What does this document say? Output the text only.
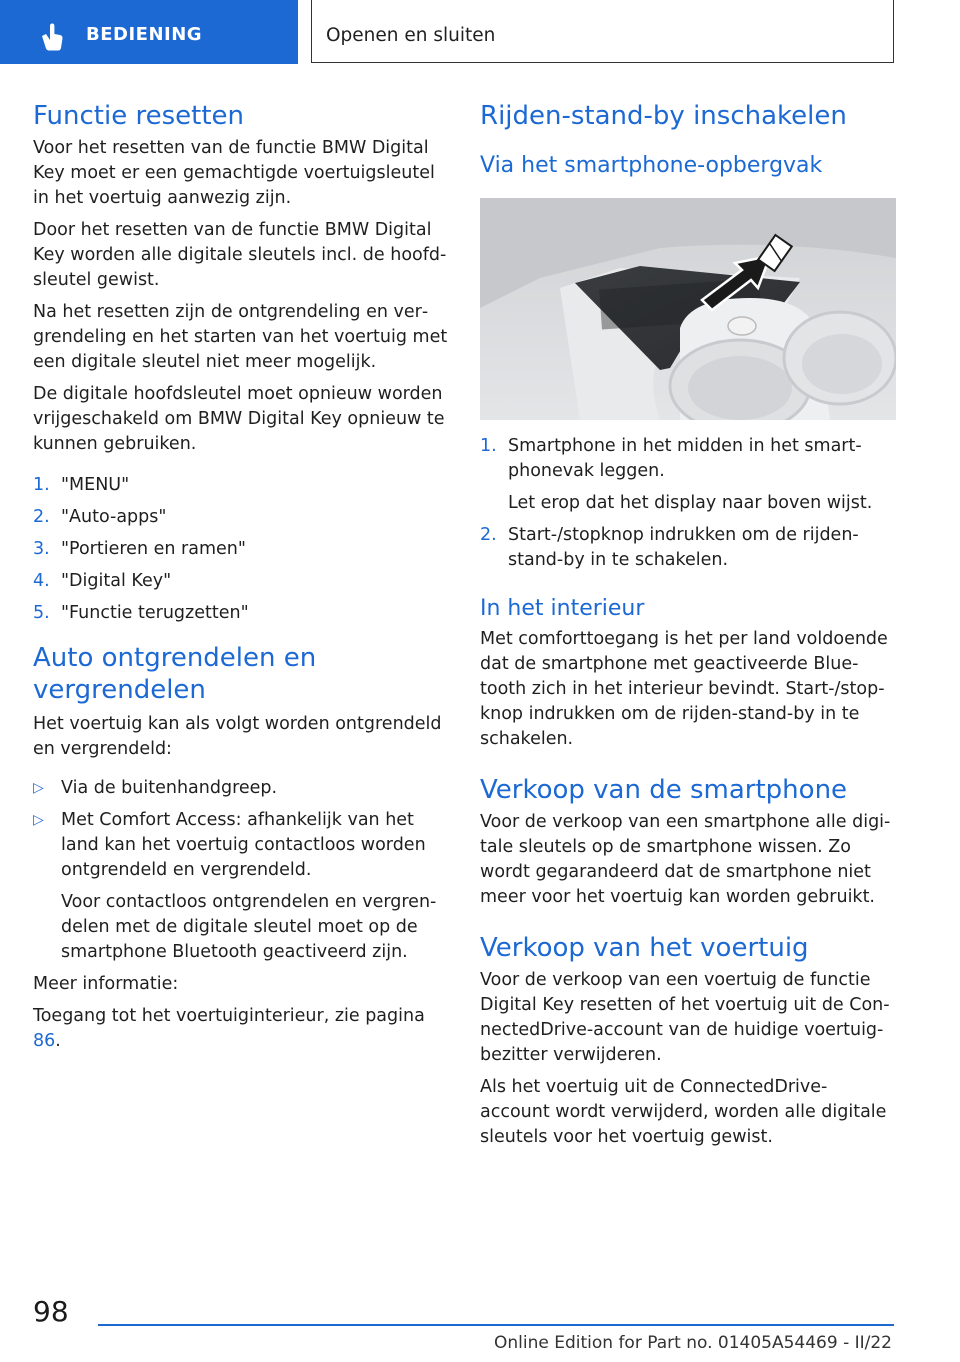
BEDIENING	Openen en sluiten
Functie resetten

Voor het resetten van de functie BMW Digital Key moet er een gemachtigde voertuigsleutel in het voertuig aanwezig zijn.

Door het resetten van de functie BMW Digital Key worden alle digitale sleutels incl. de hoofdsleutel gewist.

Na het resetten zijn de ontgrendeling en vergrendeling en het starten van het voertuig met een digitale sleutel niet meer mogelijk.

De digitale hoofdsleutel moet opnieuw worden vrijgeschakeld om BMW Digital Key opnieuw te kunnen gebruiken.

1. "MENU"
2. "Auto-apps"
3. "Portieren en ramen"
4. "Digital Key"
5. "Functie terugzetten"
Auto ontgrendelen en vergrendelen

Het voertuig kan als volgt worden ontgrendeld en vergrendeld:

▷ Via de buitenhandgreep.
▷ Met Comfort Access: afhankelijk van het land kan het voertuig contactloos worden ontgrendeld en vergrendeld.
Voor contactloos ontgrendelen en vergrendelen met de digitale sleutel moet op de smartphone Bluetooth geactiveerd zijn.

Meer informatie:

Toegang tot het voertuiginterieur, zie pagina 86.

Rijden-stand-by inschakelen
Via het smartphone-opbergvak
1. Smartphone in het midden in het smartphonevak leggen.
Let erop dat het display naar boven wijst.
2. Start-/stopknop indrukken om de rijden-stand-by in te schakelen.
In het interieur

Met comforttoegang is het per land voldoende dat de smartphone met geactiveerde Bluetooth zich in het interieur bevindt. Start-/stopknop indrukken om de rijden-stand-by in te schakelen.

Verkoop van de smartphone

Voor de verkoop van een smartphone alle digitale sleutels op de smartphone wissen. Zo wordt gegarandeerd dat de smartphone niet meer voor het voertuig kan worden gebruikt.

Verkoop van het voertuig

Voor de verkoop van een voertuig de functie Digital Key resetten of het voertuig uit de ConnectedDrive-account van de huidige voertuigbezitter verwijderen.

Als het voertuig uit de ConnectedDrive-account wordt verwijderd, worden alle digitale sleutels voor het voertuig gewist.

98
Online Edition for Part no. 01405A54469 - II/22
